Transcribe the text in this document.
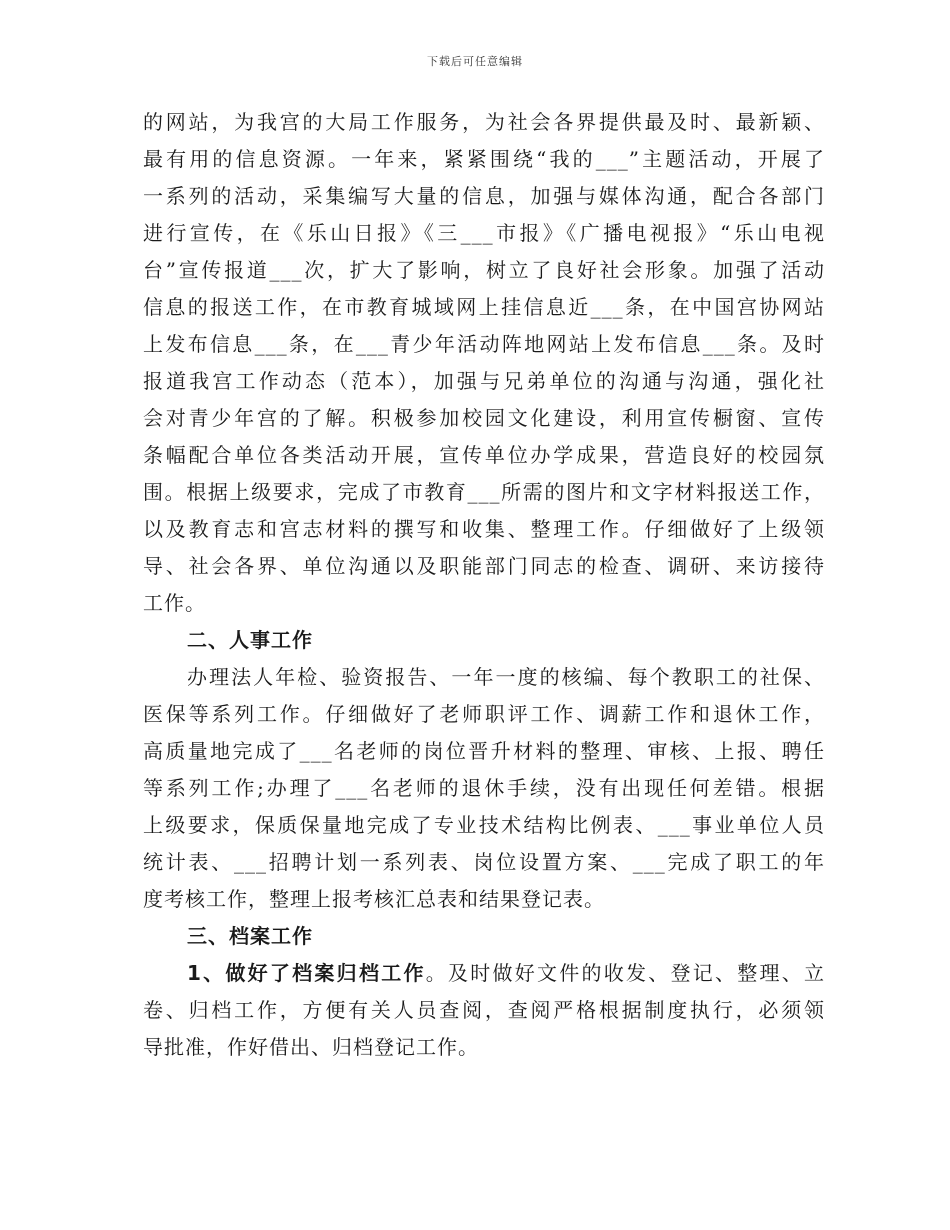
下载后可任意编辑
的网站，为我宫的大局工作服务，为社会各界提供最及时、最新颖、
最有用的信息资源。一年来，紧紧围绕“我的___”主题活动，开展了
一系列的活动，采集编写大量的信息，加强与媒体沟通，配合各部门
进行宣传，在《乐山日报》《三___市报》《广播电视报》“乐山电视
台”宣传报道___次，扩大了影响，树立了良好社会形象。加强了活动
信息的报送工作，在市教育城域网上挂信息近___条，在中国宫协网站
上发布信息___条，在___青少年活动阵地网站上发布信息___条。及时
报道我宫工作动态（范本），加强与兄弟单位的沟通与沟通，强化社
会对青少年宫的了解。积极参加校园文化建设，利用宣传橱窗、宣传
条幅配合单位各类活动开展，宣传单位办学成果，营造良好的校园氛
围。根据上级要求，完成了市教育___所需的图片和文字材料报送工作，
以及教育志和宫志材料的撰写和收集、整理工作。仔细做好了上级领
导、社会各界、单位沟通以及职能部门同志的检查、调研、来访接待
工作。
二、人事工作
办理法人年检、验资报告、一年一度的核编、每个教职工的社保、
医保等系列工作。仔细做好了老师职评工作、调薪工作和退休工作，
高质量地完成了___名老师的岗位晋升材料的整理、审核、上报、聘任
等系列工作;办理了___名老师的退休手续，没有出现任何差错。根据
上级要求，保质保量地完成了专业技术结构比例表、___事业单位人员
统计表、___招聘计划一系列表、岗位设置方案、___完成了职工的年
度考核工作，整理上报考核汇总表和结果登记表。
三、档案工作
1、做好了档案归档工作。及时做好文件的收发、登记、整理、立
卷、归档工作，方便有关人员查阅，查阅严格根据制度执行，必须领
导批准，作好借出、归档登记工作。
